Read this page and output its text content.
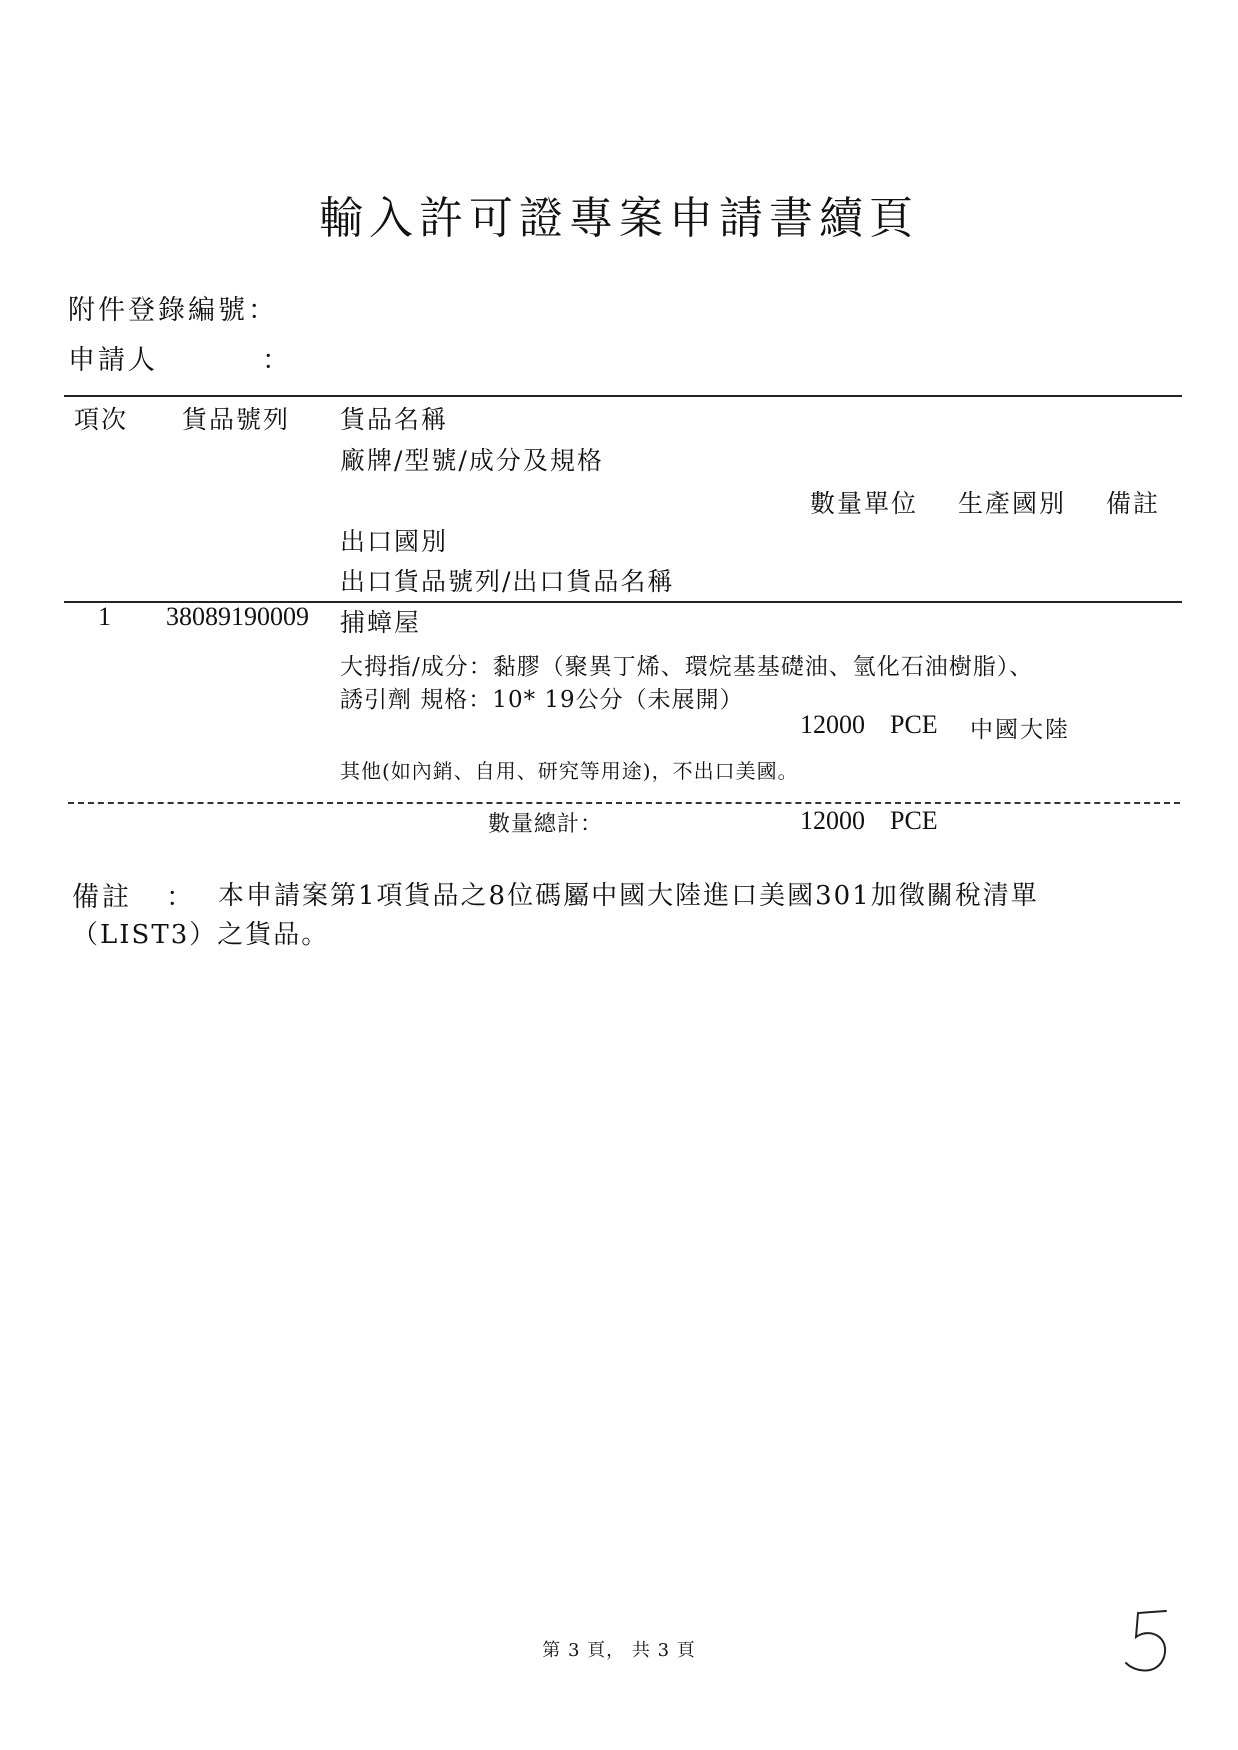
輸入許可證專案申請書續頁
附件登錄編號：
申請人	：
項次 貨品號列 貨品名稱
廠牌/型號/成分及規格
數量單位 生產國別 備註
出口國別
出口貨品號列/出口貨品名稱
1 38089190009 捕蟑屋
大拇指/成分：黏膠（聚異丁烯、環烷基基礎油、氫化石油樹脂）、
誘引劑 規格：10* 19公分（未展開）
12000 PCE 中國大陸
其他(如內銷、自用、研究等用途)，不出口美國。
數量總計：	12000 PCE
備註 ： 本申請案第1項貨品之8位碼屬中國大陸進口美國301加徵關稅清單
（LIST3）之貨品。
第 3 頁， 共 3 頁
